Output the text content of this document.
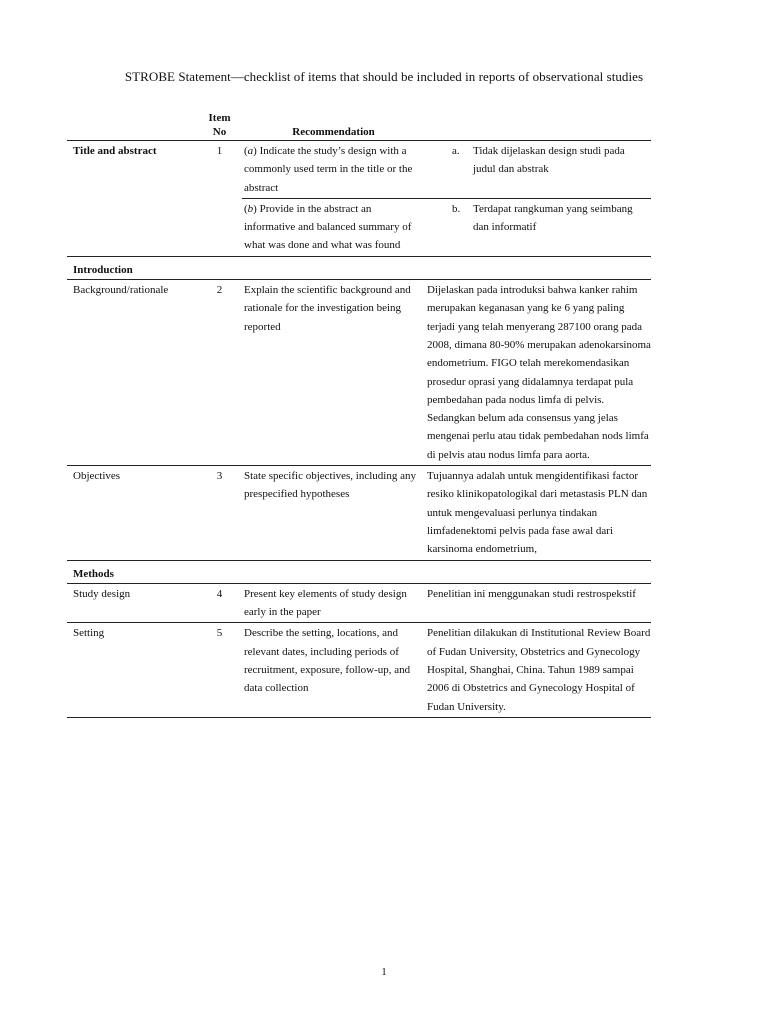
STROBE Statement—checklist of items that should be included in reports of observational studies
	Item
No	Recommendation	
Title and abstract	1	(a) Indicate the study’s design with a commonly used term in the title or the abstract	a. Tidak dijelaskan design studi pada judul dan abstrak

		(b) Provide in the abstract an informative and balanced summary of what was done and what was found	b. Terdapat rangkuman yang seimbang dan informatif

Introduction			
Background/rationale	2	Explain the scientific background and rationale for the investigation being reported	Dijelaskan pada introduksi bahwa kanker rahim merupakan keganasan yang ke 6 yang paling terjadi yang telah menyerang 287100 orang pada 2008, dimana 80-90% merupakan adenokarsinoma endometrium. FIGO telah merekomendasikan prosedur oprasi yang didalamnya terdapat pula pembedahan pada nodus limfa di pelvis. Sedangkan belum ada consensus yang jelas mengenai perlu atau tidak pembedahan nods limfa di pelvis atau nodus limfa para aorta.
Objectives	3	State specific objectives, including any prespecified hypotheses	Tujuannya adalah untuk mengidentifikasi factor resiko klinikopatologikal dari metastasis PLN dan untuk mengevaluasi perlunya tindakan limfadenektomi pelvis pada fase awal dari karsinoma endometrium,
Methods			
Study design	4	Present key elements of study design early in the paper	Penelitian ini menggunakan studi restrospekstif
Setting	5	Describe the setting, locations, and relevant dates, including periods of recruitment, exposure, follow-up, and data collection	Penelitian dilakukan di Institutional Review Board of Fudan University, Obstetrics and Gynecology Hospital, Shanghai, China. Tahun 1989 sampai 2006 di Obstetrics and Gynecology Hospital of Fudan University.
1
